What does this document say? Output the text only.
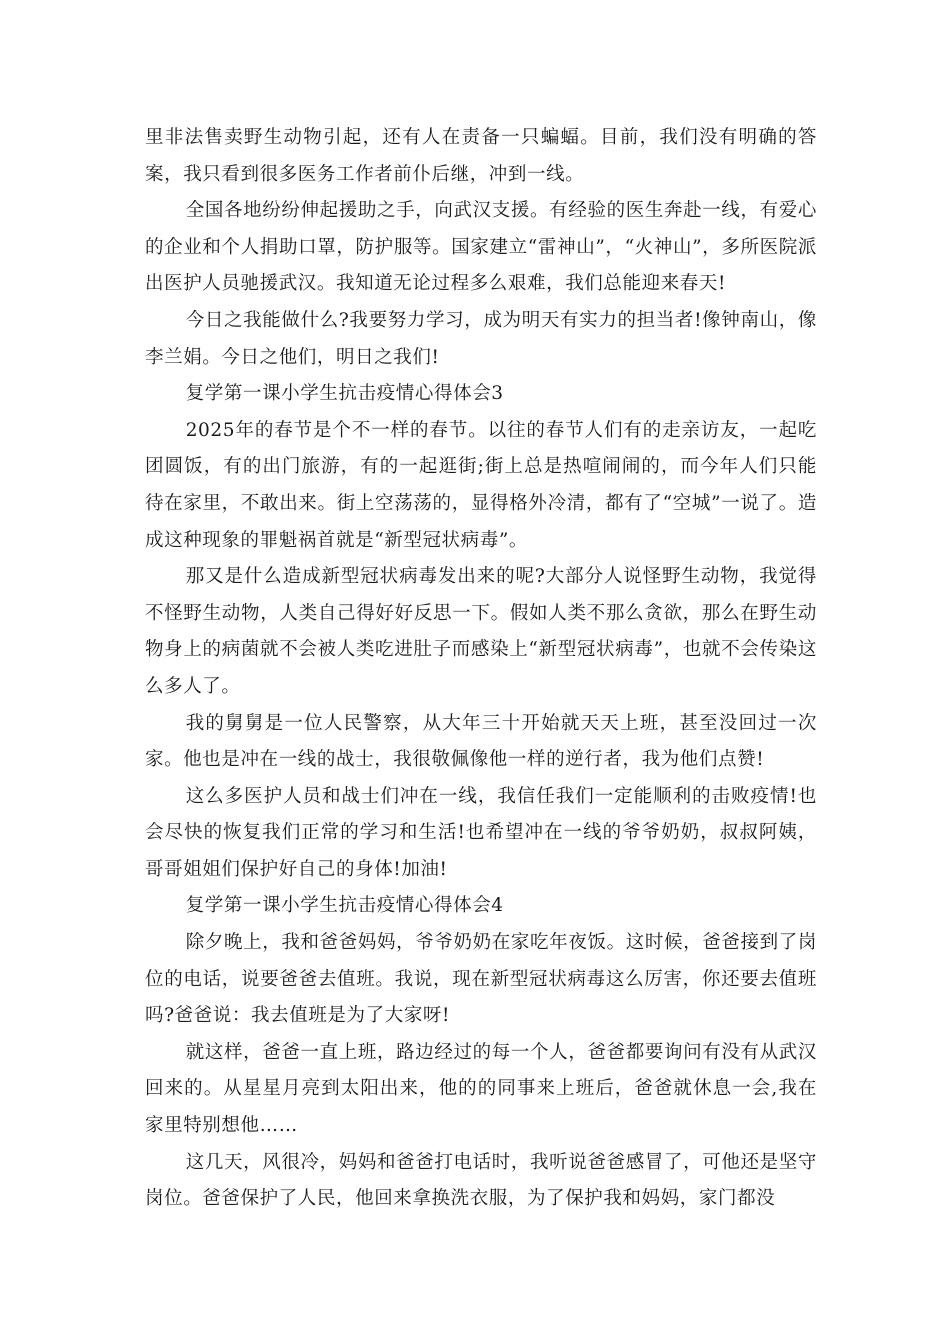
里非法售卖野生动物引起，还有人在责备一只蝙蝠。目前，我们没有明确的答案，我只看到很多医务工作者前仆后继，冲到一线。

全国各地纷纷伸起援助之手，向武汉支援。有经验的医生奔赴一线，有爱心的企业和个人捐助口罩，防护服等。国家建立“雷神山”，“火神山”，多所医院派出医护人员驰援武汉。我知道无论过程多么艰难，我们总能迎来春天!

今日之我能做什么?我要努力学习，成为明天有实力的担当者!像钟南山，像李兰娟。今日之他们，明日之我们!

复学第一课小学生抗击疫情心得体会3

2025年的春节是个不一样的春节。以往的春节人们有的走亲访友，一起吃团圆饭，有的出门旅游，有的一起逛街;街上总是热喧闹闹的，而今年人们只能待在家里，不敢出来。街上空荡荡的，显得格外冷清，都有了“空城”一说了。造成这种现象的罪魁祸首就是“新型冠状病毒”。

那又是什么造成新型冠状病毒发出来的呢?大部分人说怪野生动物，我觉得不怪野生动物，人类自己得好好反思一下。假如人类不那么贪欲，那么在野生动物身上的病菌就不会被人类吃进肚子而感染上“新型冠状病毒”，也就不会传染这么多人了。

我的舅舅是一位人民警察，从大年三十开始就天天上班，甚至没回过一次家。他也是冲在一线的战士，我很敬佩像他一样的逆行者，我为他们点赞!

这么多医护人员和战士们冲在一线，我信任我们一定能顺利的击败疫情!也会尽快的恢复我们正常的学习和生活!也希望冲在一线的爷爷奶奶，叔叔阿姨，哥哥姐姐们保护好自己的身体!加油!

复学第一课小学生抗击疫情心得体会4

除夕晚上，我和爸爸妈妈，爷爷奶奶在家吃年夜饭。这时候，爸爸接到了岗位的电话，说要爸爸去值班。我说，现在新型冠状病毒这么厉害，你还要去值班吗?爸爸说：我去值班是为了大家呀!

就这样，爸爸一直上班，路边经过的每一个人，爸爸都要询问有没有从武汉回来的。从星星月亮到太阳出来，他的的同事来上班后，爸爸就休息一会,我在家里特别想他……

这几天，风很冷，妈妈和爸爸打电话时，我听说爸爸感冒了，可他还是坚守岗位。爸爸保护了人民，他回来拿换洗衣服，为了保护我和妈妈，家门都没
